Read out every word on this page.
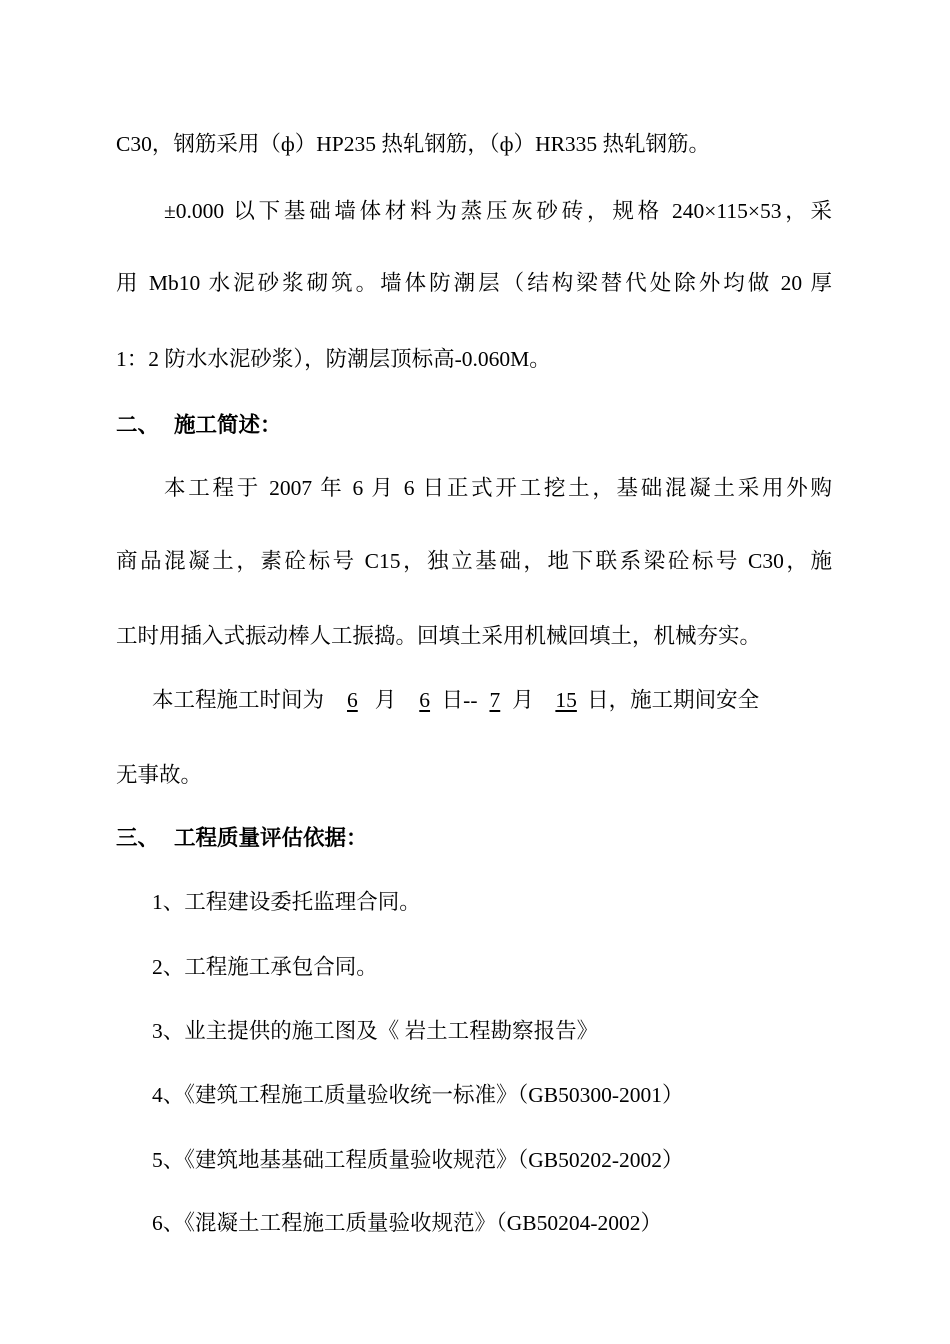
C30，钢筋采用（ф）HP235 热轧钢筋，（ф）HR335 热轧钢筋。
±0.000 以下基础墙体材料为蒸压灰砂砖，规格 240×115×53，采
用 Mb10 水泥砂浆砌筑。墙体防潮层（结构梁替代处除外均做 20 厚
1：2 防水水泥砂浆），防潮层顶标高-0.060M。
二、 施工简述：
本工程于 2007 年 6 月 6 日正式开工挖土，基础混凝土采用外购
商品混凝土，素砼标号 C15，独立基础，地下联系梁砼标号 C30，施
工时用插入式振动棒人工振捣。回填土采用机械回填土，机械夯实。
本工程施工时间为 6 月 6 日-- 7 月 15 日，施工期间安全
无事故。
三、 工程质量评估依据：
1、工程建设委托监理合同。
2、工程施工承包合同。
3、业主提供的施工图及《 岩土工程勘察报告》
4、《建筑工程施工质量验收统一标准》（GB50300-2001）
5、《建筑地基基础工程质量验收规范》（GB50202-2002）
6、《混凝土工程施工质量验收规范》（GB50204-2002）
